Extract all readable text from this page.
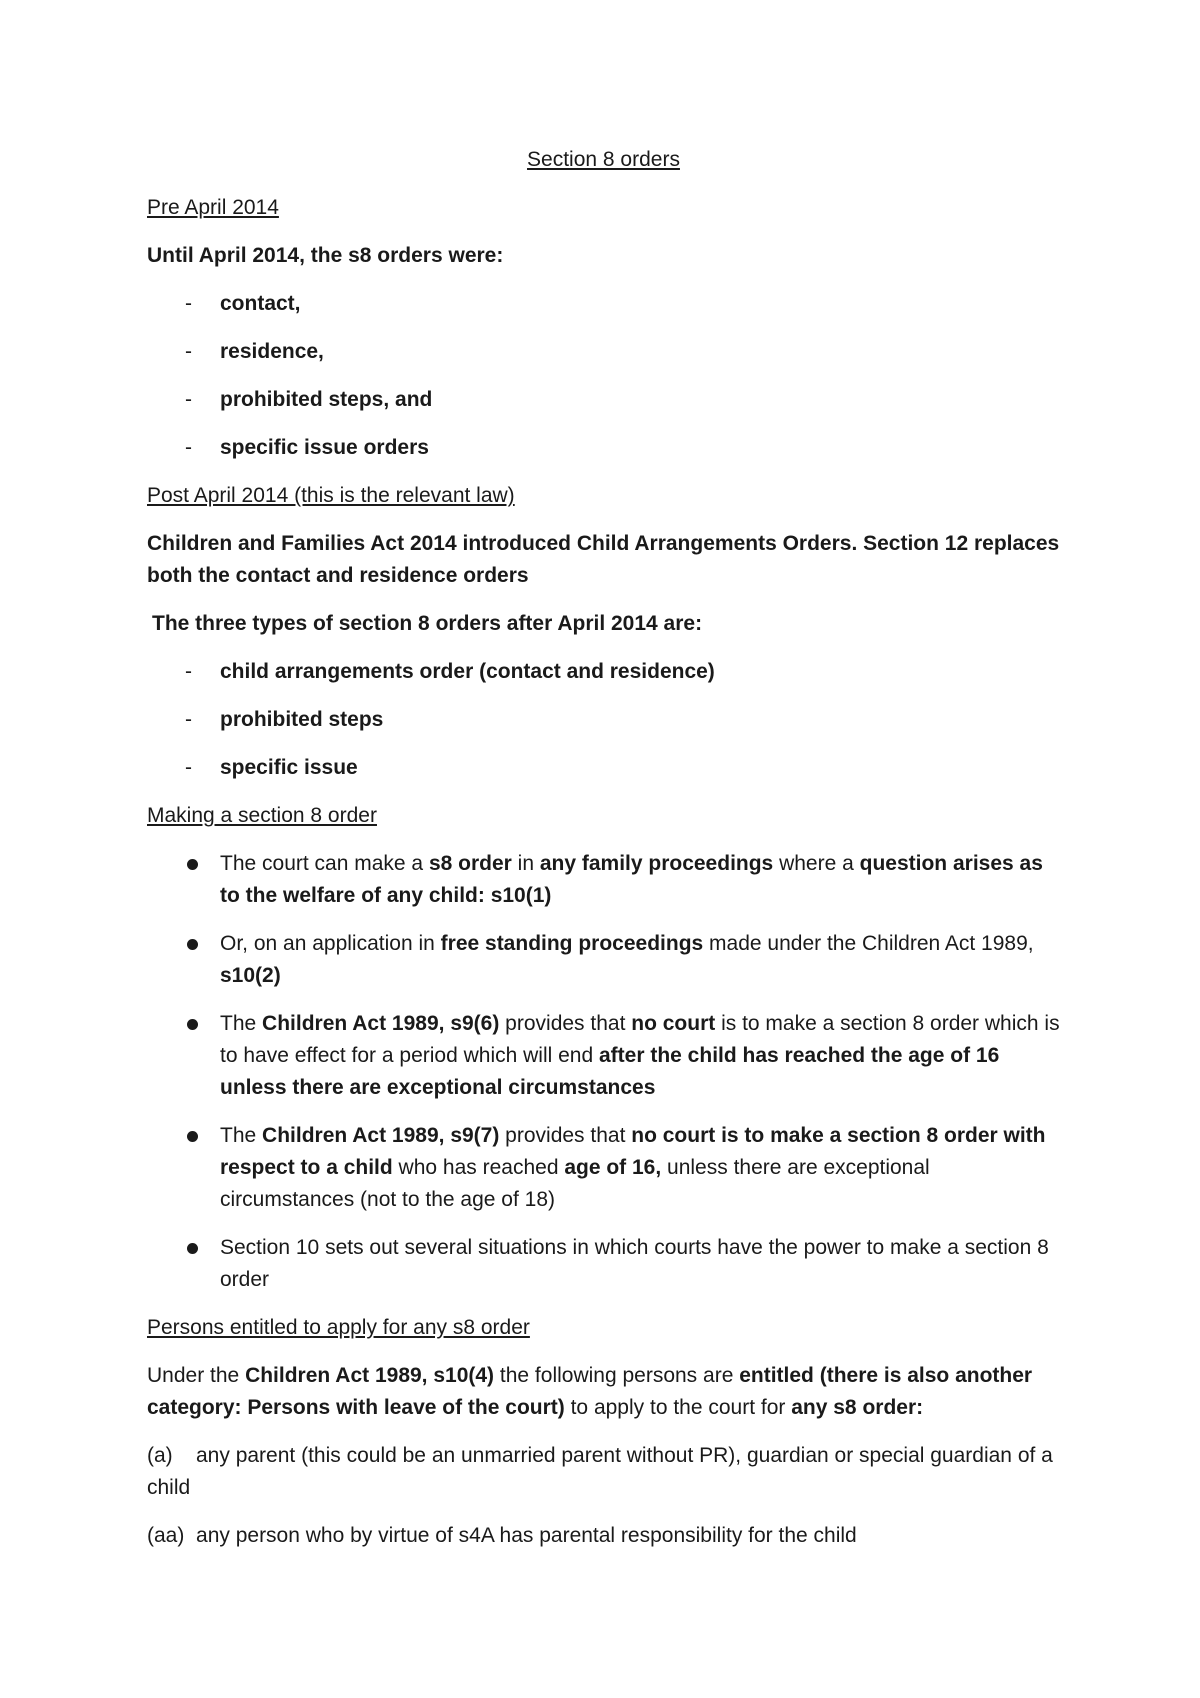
Section 8 orders
Pre April 2014

Until April 2014, the s8 orders were:

- contact,
- residence,
- prohibited steps, and
- specific issue orders
Post April 2014 (this is the relevant law)

Children and Families Act 2014 introduced Child Arrangements Orders. Section 12 replaces both the contact and residence orders

The three types of section 8 orders after April 2014 are:

- child arrangements order (contact and residence)
- prohibited steps
- specific issue
Making a section 8 order
The court can make a s8 order in any family proceedings where a question arises as to the welfare of any child: s10(1)
Or, on an application in free standing proceedings made under the Children Act 1989, s10(2)
The Children Act 1989, s9(6) provides that no court is to make a section 8 order which is to have effect for a period which will end after the child has reached the age of 16 unless there are exceptional circumstances
The Children Act 1989, s9(7) provides that no court is to make a section 8 order with respect to a child who has reached age of 16, unless there are exceptional circumstances (not to the age of 18)
Section 10 sets out several situations in which courts have the power to make a section 8 order
Persons entitled to apply for any s8 order

Under the Children Act 1989, s10(4) the following persons are entitled (there is also another category: Persons with leave of the court) to apply to the court for any s8 order:

(a)    any parent (this could be an unmarried parent without PR), guardian or special guardian of a child

(aa)  any person who by virtue of s4A has parental responsibility for the child
